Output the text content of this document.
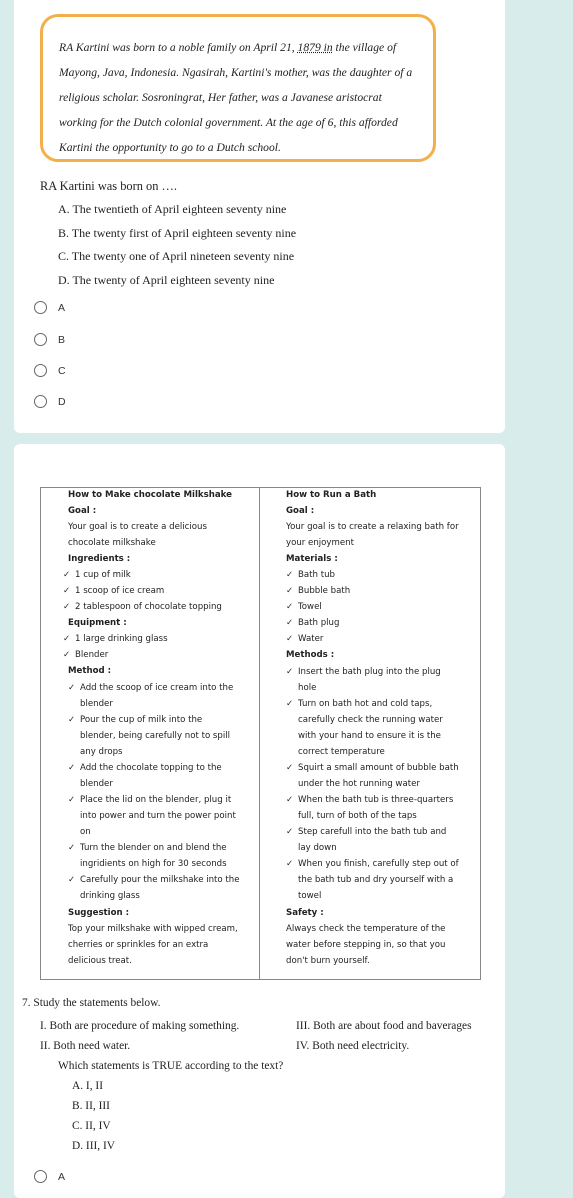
RA Kartini was born to a noble family on April 21, 1879 in the village of
Mayong, Java, Indonesia. Ngasirah, Kartini's mother, was the daughter of a
religious scholar. Sosroningrat, Her father, was a Javanese aristocrat
working for the Dutch colonial government. At the age of 6, this afforded
Kartini the opportunity to go to a Dutch school.
RA Kartini was born on ….
A. The twentieth of April eighteen seventy nine
B. The twenty first of April eighteen seventy nine
C. The twenty one of April nineteen seventy nine
D. The twenty of April eighteen seventy nine
A
B
C
D
How to Make chocolate Milkshake
Goal :
Your goal is to create a delicious
chocolate milkshake
Ingredients :
✓ 1 cup of milk
✓ 1 scoop of ice cream
✓ 2 tablespoon of chocolate topping
Equipment :
✓ 1 large drinking glass
✓ Blender
Method :
✓ Add the scoop of ice cream into the
blender
✓ Pour the cup of milk into the
blender, being carefully not to spill
any drops
✓ Add the chocolate topping to the
blender
✓ Place the lid on the blender, plug it
into power and turn the power point
on
✓ Turn the blender on and blend the
ingridients on high for 30 seconds
✓ Carefully pour the milkshake into the
drinking glass
Suggestion :
Top your milkshake with wipped cream,
cherries or sprinkles for an extra
delicious treat.
How to Run a Bath
Goal :
Your goal is to create a relaxing bath for
your enjoyment
Materials :
✓ Bath tub
✓ Bubble bath
✓ Towel
✓ Bath plug
✓ Water
Methods :
✓ Insert the bath plug into the plug
hole
✓ Turn on bath hot and cold taps,
carefully check the running water
with your hand to ensure it is the
correct temperature
✓ Squirt a small amount of bubble bath
under the hot running water
✓ When the bath tub is three-quarters
full, turn of both of the taps
✓ Step carefull into the bath tub and
lay down
✓ When you finish, carefully step out of
the bath tub and dry yourself with a
towel
Safety :
Always check the temperature of the
water before stepping in, so that you
don't burn yourself.
7. Study the statements below.
I. Both are procedure of making something.	III. Both are about food and baverages
II. Both need water.	IV. Both need electricity.
Which statements is TRUE according to the text?
A. I, II
B. II, III
C. II, IV
D. III, IV
A
